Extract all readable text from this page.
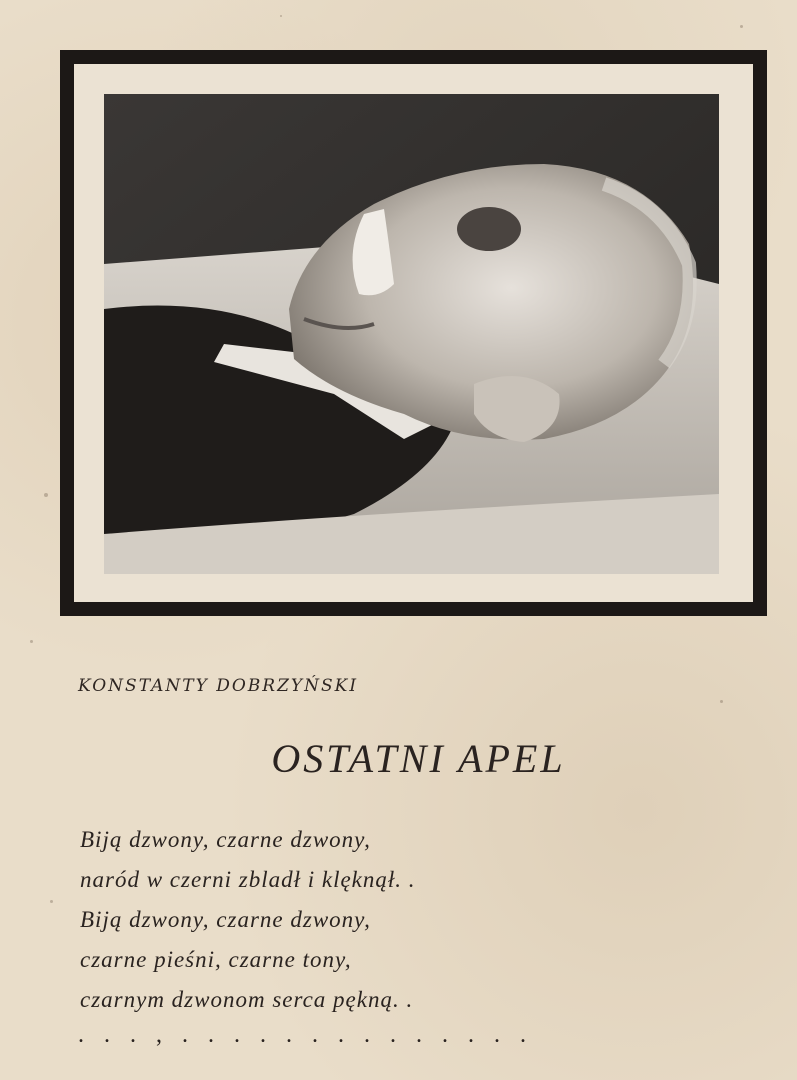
KONSTANTY DOBRZYŃSKI
OSTATNI APEL
Biją dzwony, czarne dzwony,
naród w czerni zbladł i klęknął. .
Biją dzwony, czarne dzwony,
czarne pieśni, czarne tony,
czarnym dzwonom serca pękną. .
. . . , . . . . . . . . . . . . . .
